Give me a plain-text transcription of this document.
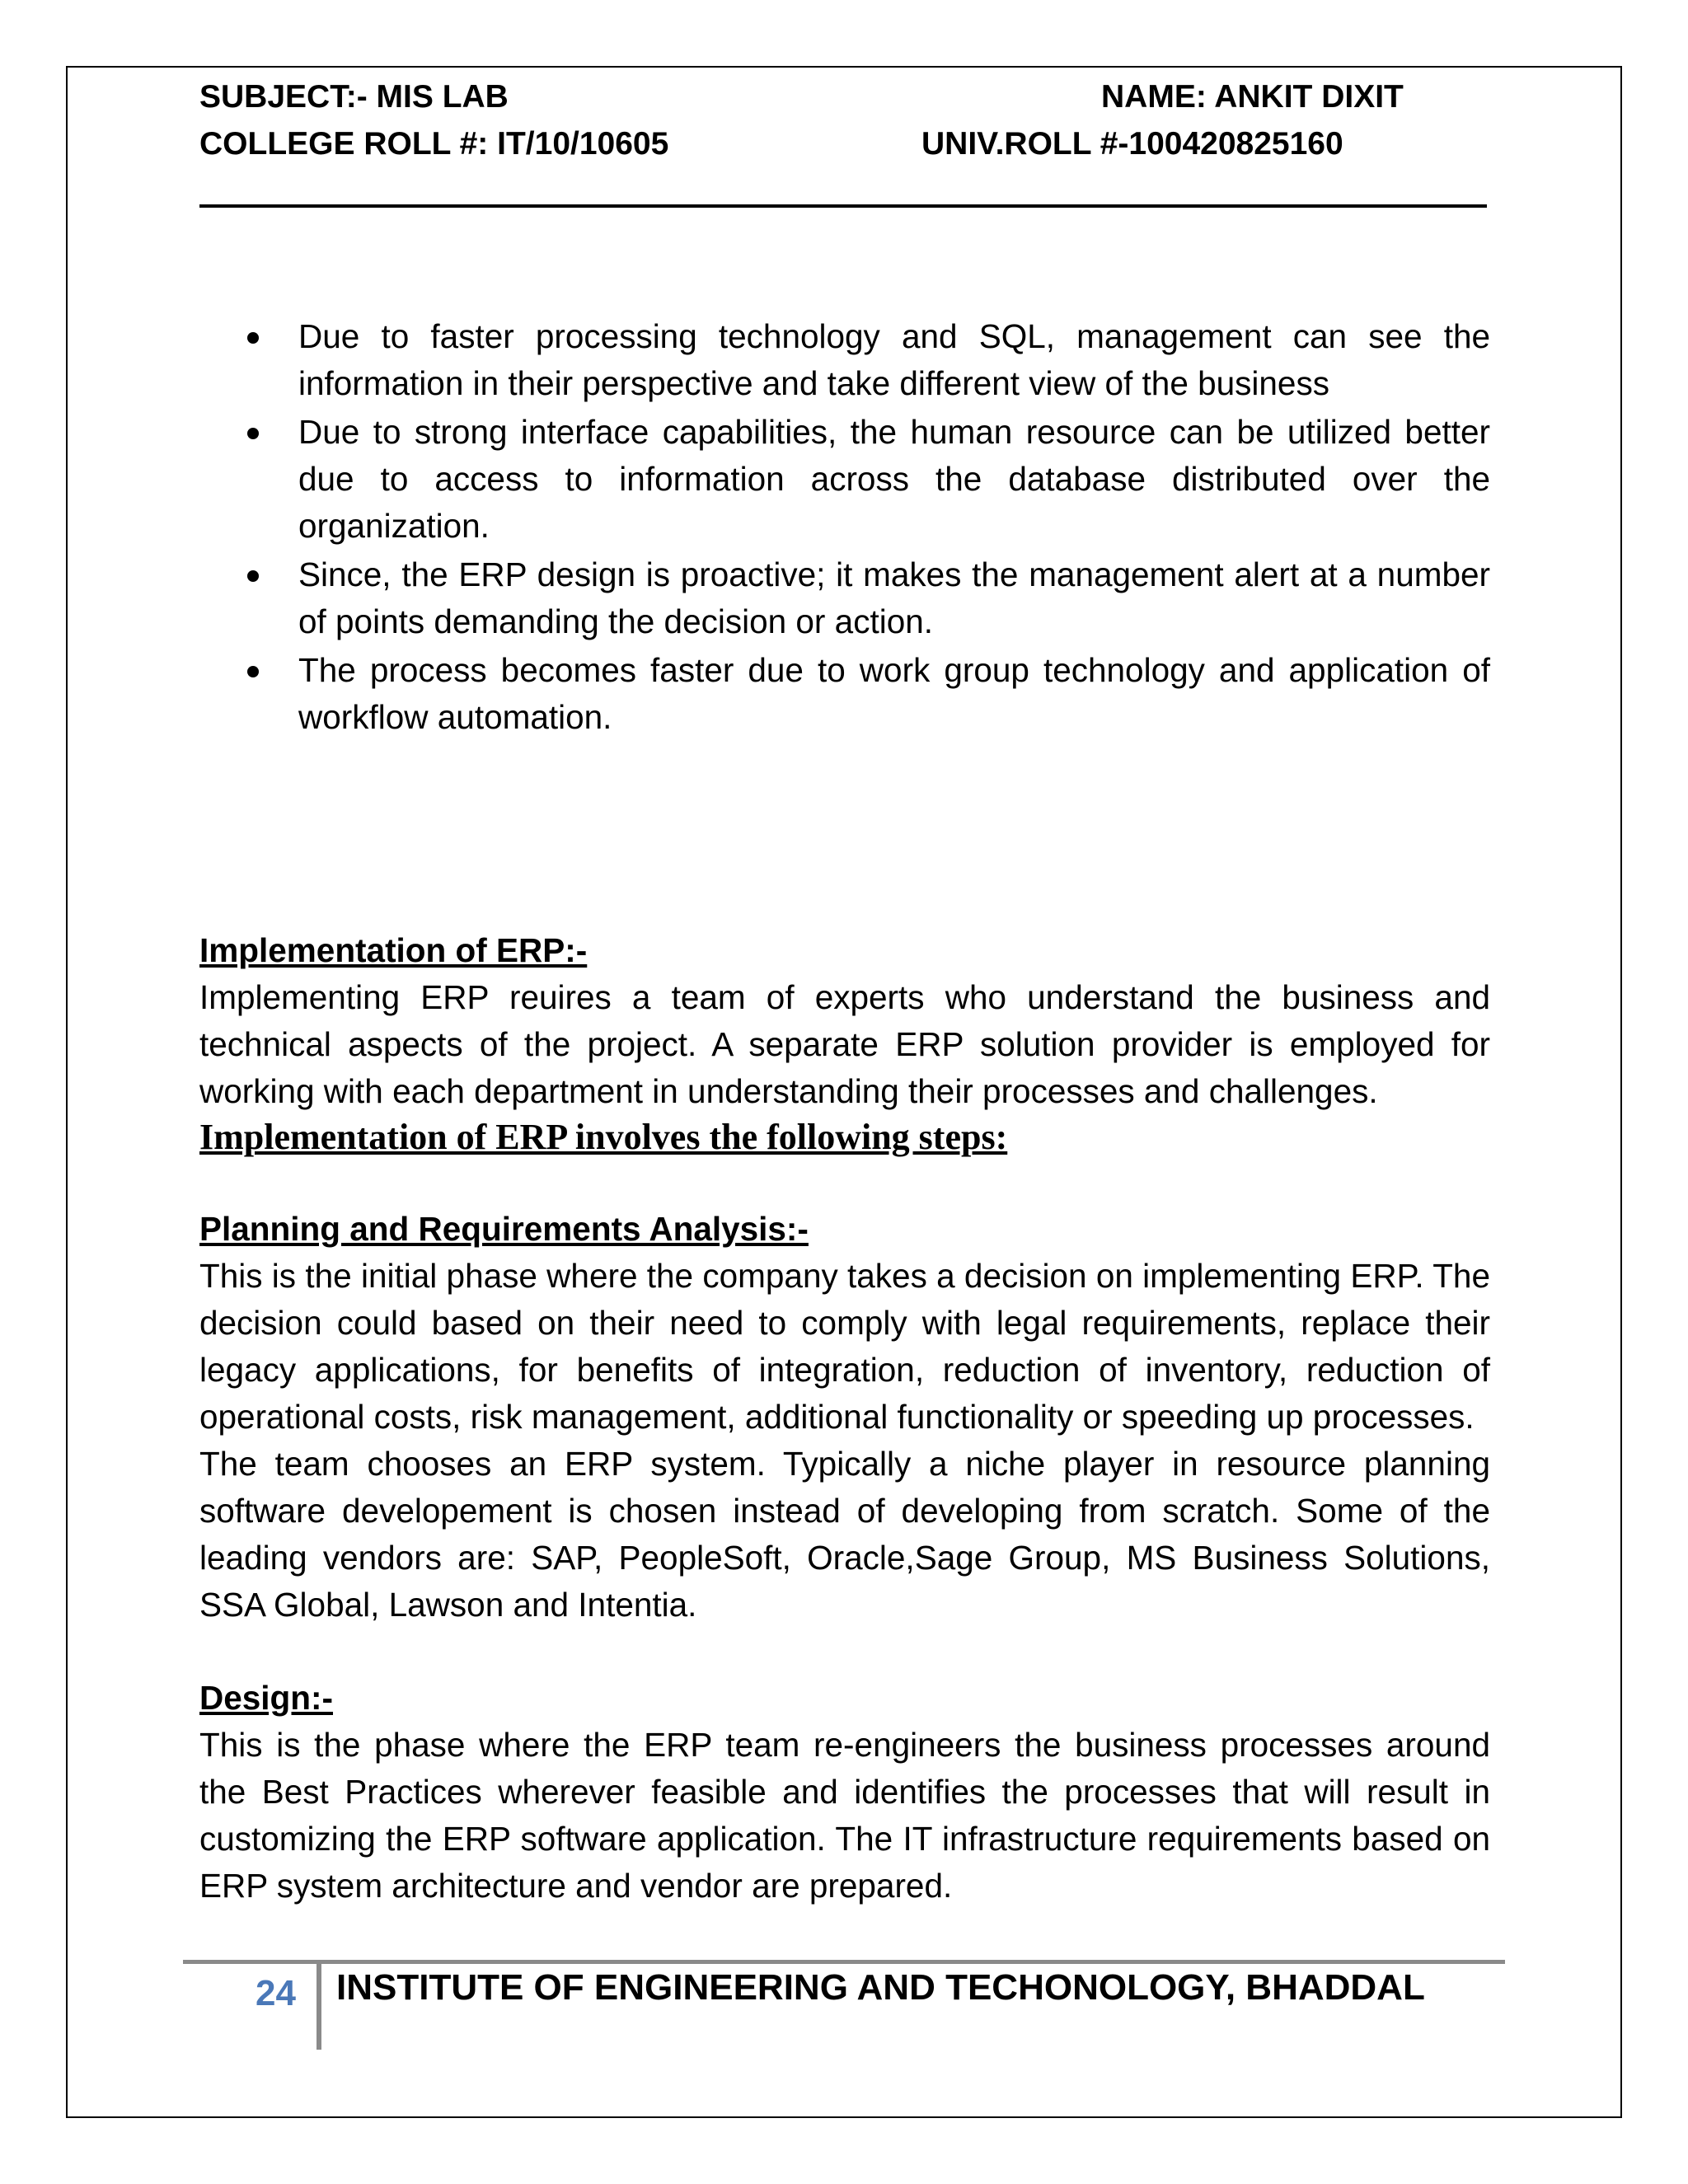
SUBJECT:- MIS LAB	NAME: ANKIT DIXIT
COLLEGE ROLL #: IT/10/10605	UNIV.ROLL #-100420825160
Due to faster processing technology and SQL, management can see the information in their perspective and take different view of the business
Due to strong interface capabilities, the human resource can be utilized better due to access to information across the database distributed over the organization.
Since, the ERP design is proactive; it makes the management alert at a number of points demanding the decision or action.
The process becomes faster due to work group technology and application of workflow automation.
Implementation of ERP:-

Implementing ERP reuires a team of experts who understand the business and technical aspects of the project. A separate ERP solution provider is employed for working with each department in understanding their processes and challenges.

Implementation of ERP involves the following steps:
Planning and Requirements Analysis:-

This is the initial phase where the company takes a decision on implementing ERP. The decision could based on their need to comply with legal requirements, replace their legacy applications, for benefits of integration, reduction of inventory, reduction of operational costs, risk management, additional functionality or speeding up processes.

The team chooses an ERP system. Typically a niche player in resource planning software developement is chosen instead of developing from scratch. Some of the leading vendors are: SAP, PeopleSoft, Oracle,Sage Group, MS Business Solutions, SSA Global, Lawson and Intentia.

Design:-

This is the phase where the ERP team re-engineers the business processes around the Best Practices wherever feasible and identifies the processes that will result in customizing the ERP software application. The IT infrastructure requirements based on ERP system architecture and vendor are prepared.

24 INSTITUTE OF ENGINEERING AND TECHONOLOGY, BHADDAL
